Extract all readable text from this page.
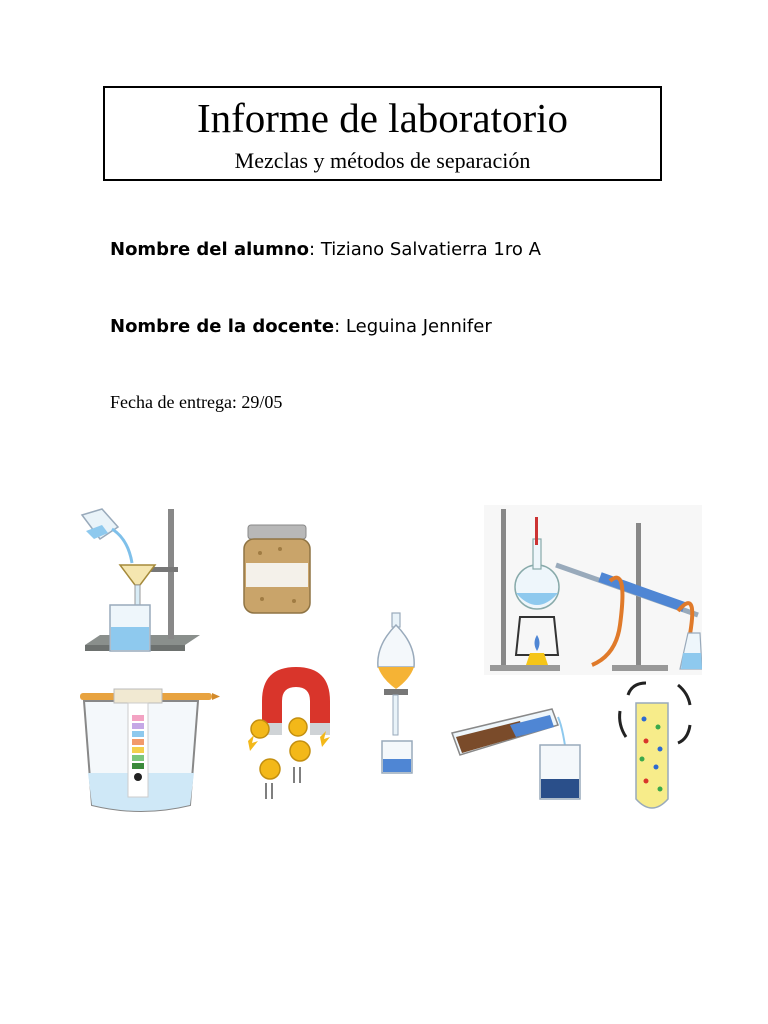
Informe de laboratorio
Mezclas y métodos de separación
Nombre del alumno: Tiziano Salvatierra 1ro A
Nombre de la docente: Leguina Jennifer
Fecha de entrega: 29/05
